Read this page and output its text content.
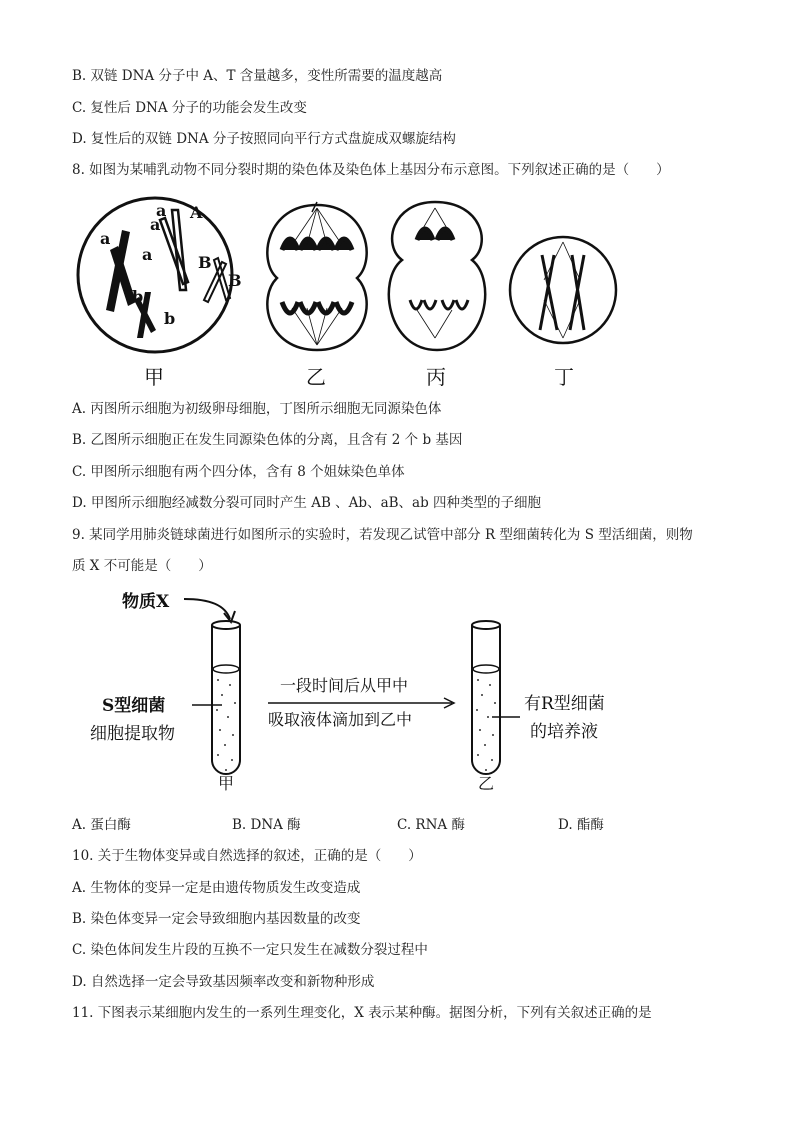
B. 双链 DNA 分子中 A、T 含量越多，变性所需要的温度越高
C. 复性后 DNA 分子的功能会发生改变
D. 复性后的双链 DNA 分子按照同向平行方式盘旋成双螺旋结构
8. 如图为某哺乳动物不同分裂时期的染色体及染色体上基因分布示意图。下列叙述正确的是（　　）
a
a
a
a A
B
B
b
b
甲	乙	丙	丁
A. 丙图所示细胞为初级卵母细胞，丁图所示细胞无同源染色体
B. 乙图所示细胞正在发生同源染色体的分离，且含有 2 个 b 基因
C. 甲图所示细胞有两个四分体，含有 8 个姐妹染色单体
D. 甲图所示细胞经减数分裂可同时产生 AB 、Ab、aB、ab 四种类型的子细胞
9. 某同学用肺炎链球菌进行如图所示的实验时，若发现乙试管中部分 R 型细菌转化为 S 型活细菌，则物
质 X 不可能是（　　）
物质X
S型细菌
细胞提取物
一段时间后从甲中
吸取液体滴加到乙中
有R型细菌
的培养液
甲	乙
A. 蛋白酶	B. DNA 酶	C. RNA 酶	D. 酯酶
10. 关于生物体变异或自然选择的叙述，正确的是（　　）
A. 生物体的变异一定是由遗传物质发生改变造成
B. 染色体变异一定会导致细胞内基因数量的改变
C. 染色体间发生片段的互换不一定只发生在减数分裂过程中
D. 自然选择一定会导致基因频率改变和新物种形成
11. 下图表示某细胞内发生的一系列生理变化，X 表示某种酶。据图分析，下列有关叙述正确的是
